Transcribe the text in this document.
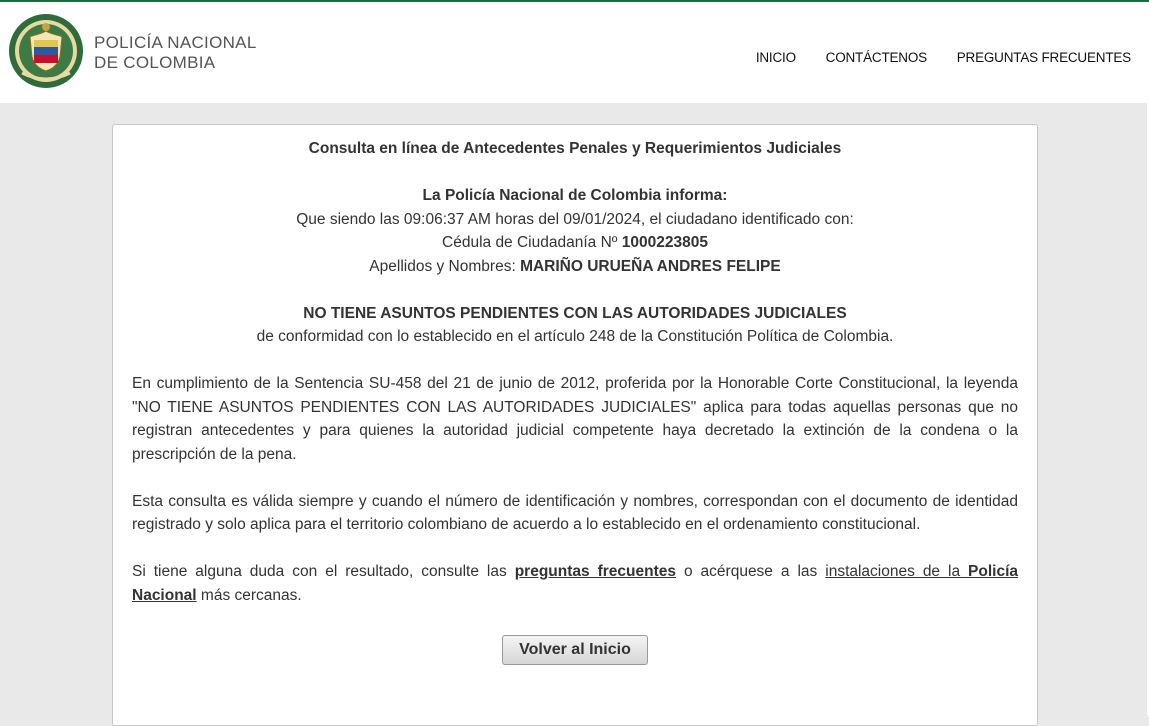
POLICÍA NACIONAL
DE COLOMBIA	INICIO CONTÁCTENOS PREGUNTAS FRECUENTES
Consulta en línea de Antecedentes Penales y Requerimientos Judiciales
La Policía Nacional de Colombia informa:
Que siendo las 09:06:37 AM horas del 09/01/2024, el ciudadano identificado con:
Cédula de Ciudadanía Nº 1000223805
Apellidos y Nombres: MARIÑO URUEÑA ANDRES FELIPE
NO TIENE ASUNTOS PENDIENTES CON LAS AUTORIDADES JUDICIALES
de conformidad con lo establecido en el artículo 248 de la Constitución Política de Colombia.

En cumplimiento de la Sentencia SU-458 del 21 de junio de 2012, proferida por la Honorable Corte Constitucional, la leyenda "NO TIENE ASUNTOS PENDIENTES CON LAS AUTORIDADES JUDICIALES" aplica para todas aquellas personas que no registran antecedentes y para quienes la autoridad judicial competente haya decretado la extinción de la condena o la prescripción de la pena.

Esta consulta es válida siempre y cuando el número de identificación y nombres, correspondan con el documento de identidad registrado y solo aplica para el territorio colombiano de acuerdo a lo establecido en el ordenamiento constitucional.

Si tiene alguna duda con el resultado, consulte las preguntas frecuentes o acérquese a las instalaciones de la Policía Nacional más cercanas.

Volver al Inicio
